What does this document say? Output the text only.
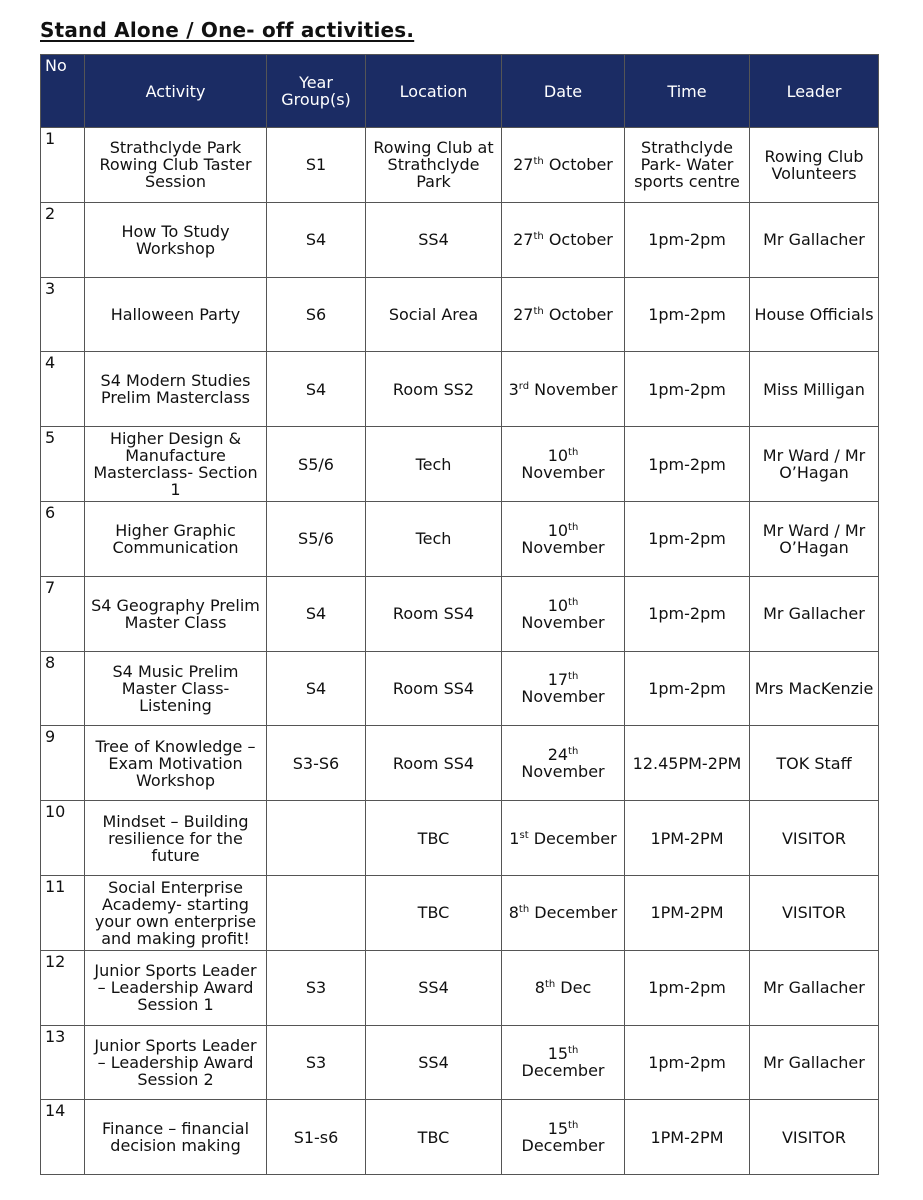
Stand Alone / One- off activities.
No	Activity	Year Group(s)	Location	Date	Time	Leader
1	Strathclyde Park Rowing Club Taster Session	S1	Rowing Club at Strathclyde Park	27th October	Strathclyde Park- Water sports centre	Rowing Club Volunteers
2	How To Study Workshop	S4	SS4	27th October	1pm-2pm	Mr Gallacher
3	Halloween Party	S6	Social Area	27th October	1pm-2pm	House Officials
4	S4 Modern Studies Prelim Masterclass	S4	Room SS2	3rd November	1pm-2pm	Miss Milligan
5	Higher Design & Manufacture Masterclass- Section 1	S5/6	Tech	10th November	1pm-2pm	Mr Ward / Mr O’Hagan
6	Higher Graphic Communication	S5/6	Tech	10th November	1pm-2pm	Mr Ward / Mr O’Hagan
7	S4 Geography Prelim Master Class	S4	Room SS4	10th November	1pm-2pm	Mr Gallacher
8	S4 Music Prelim Master Class- Listening	S4	Room SS4	17th November	1pm-2pm	Mrs MacKenzie
9	Tree of Knowledge – Exam Motivation Workshop	S3-S6	Room SS4	24th November	12.45PM-2PM	TOK Staff
10	Mindset – Building resilience for the future		TBC	1st December	1PM-2PM	VISITOR
11	Social Enterprise Academy- starting your own enterprise and making profit!		TBC	8th December	1PM-2PM	VISITOR
12	Junior Sports Leader – Leadership Award Session 1	S3	SS4	8th Dec	1pm-2pm	Mr Gallacher
13	Junior Sports Leader – Leadership Award Session 2	S3	SS4	15th December	1pm-2pm	Mr Gallacher
14	Finance – financial decision making	S1-s6	TBC	15th December	1PM-2PM	VISITOR
